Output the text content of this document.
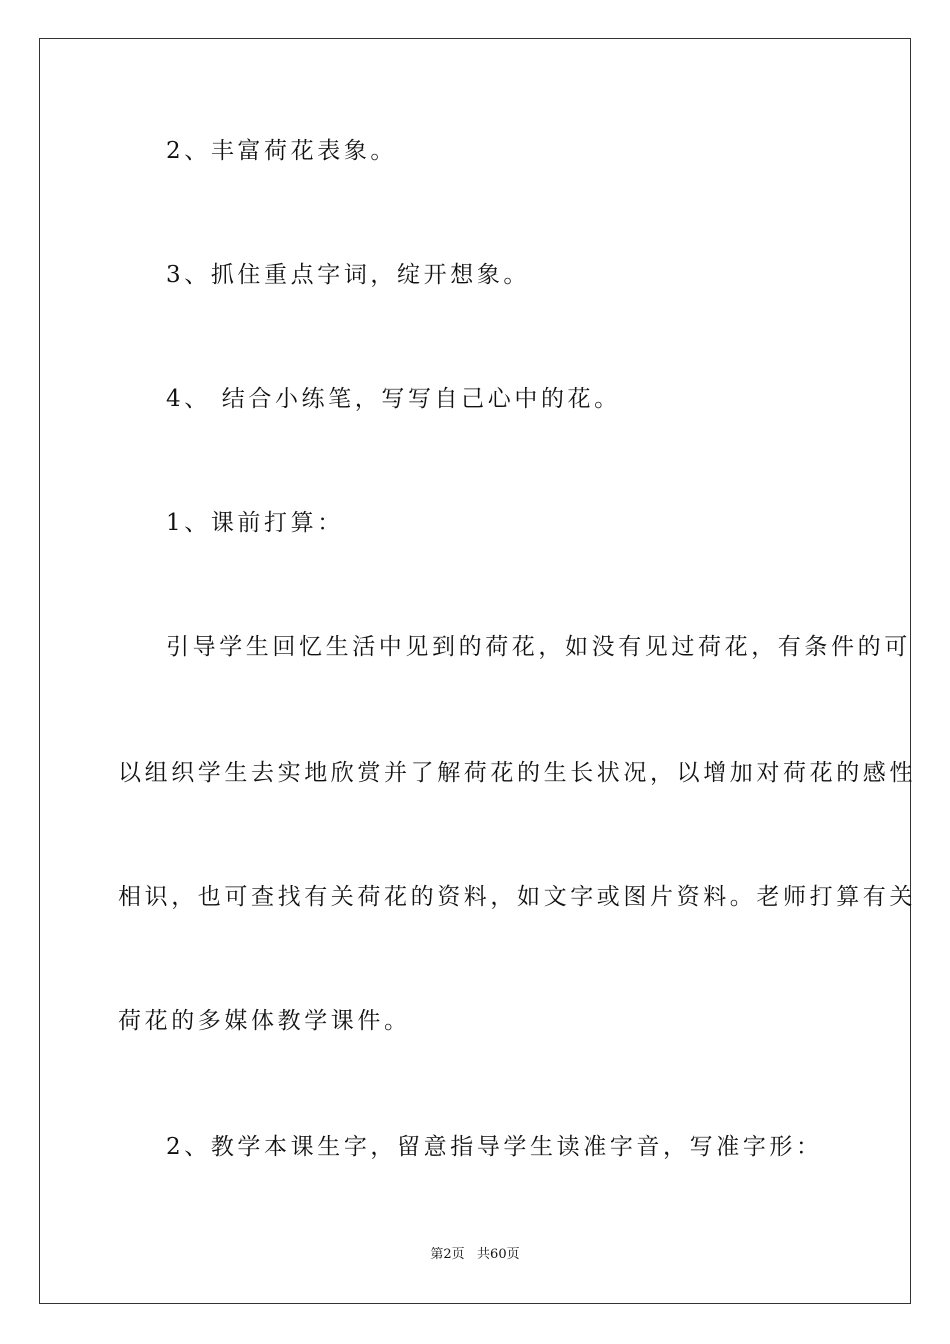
2、丰富荷花表象。
3、抓住重点字词，绽开想象。
4、 结合小练笔，写写自己心中的花。
1、课前打算：
引导学生回忆生活中见到的荷花，如没有见过荷花，有条件的可
以组织学生去实地欣赏并了解荷花的生长状况，以增加对荷花的感性
相识，也可查找有关荷花的资料，如文字或图片资料。老师打算有关
荷花的多媒体教学课件。
2、教学本课生字，留意指导学生读准字音，写准字形：
第2页   共60页
